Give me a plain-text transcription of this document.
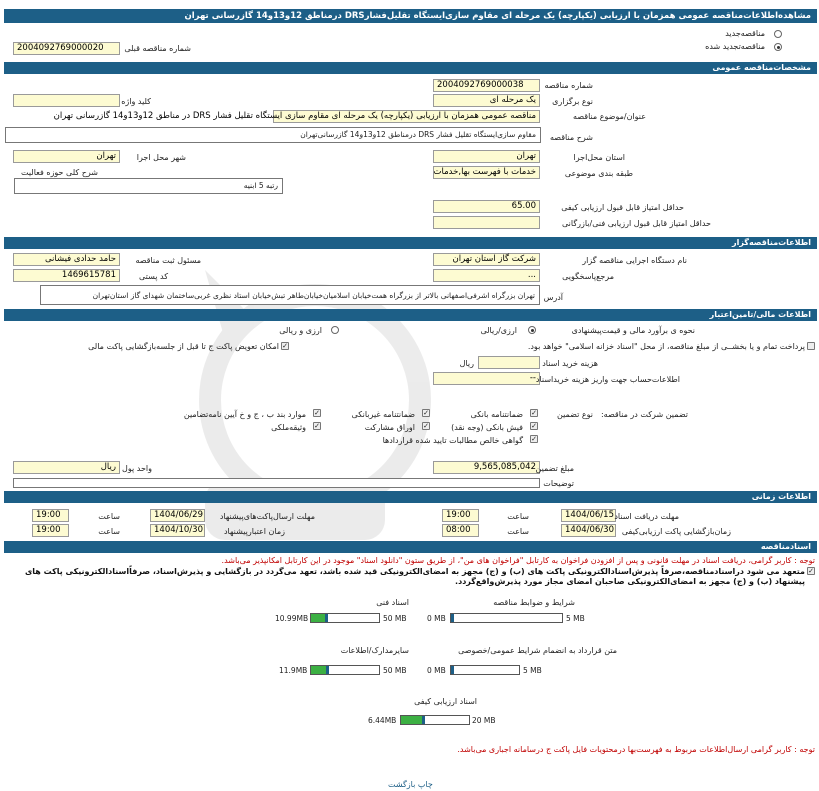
مشاهده‌اطلاعات‌مناقصه عمومی همزمان با ارزیابی (یکپارچه) یک مرحله ای مقاوم سازی‌ایستگاه تقلیل‌فشارDRS درمناطق 12و13و14 گازرسانی تهران
مناقصه‌جدید
مناقصه‌تجدید شده
2004092769000020	شماره مناقصه قبلی
مشخصات‌مناقصه عمومی
2004092769000038	شماره مناقصه
یک مرحله ای	نوع برگزاری
کلید واژه
مناقصه عمومی همزمان با ارزیابی (یکپارچه) یک مرحله ای مقاوم سازی ایستگاه تقلیل فشار DRS در مناطق 12و13و14 گازرسانی تهران	عنوان/موضوع مناقصه
مقاوم سازی‌ایستگاه تقلیل فشار DRS درمناطق 12و13و14 گازرسانی‌تهران	شرح مناقصه
تهران	استان محل‌اجرا
تهران	شهر محل اجرا
خدمات با فهرست بها,خدمات	طبقه بندی موضوعی
شرح کلی حوزه فعالیت
رتبه 5 ابنیه
65.00	حداقل امتیاز قابل قبول ارزیابی کیفی
حداقل امتیاز قابل قبول ارزیابی فنی/بازرگانی
اطلاعات‌مناقصه‌گزار
شرکت گاز استان تهران	نام دستگاه اجرایی مناقصه گزار
حامد حدادی فیشانی	مسئول ثبت مناقصه
...	مرجع‌پاسخگویی
1469615781	کد پستی
تهران بزرگراه اشرفی‌اصفهانی بالاتر از بزرگراه همت‌خیابان اسلامیان‌خیابان‌طاهر تبش‌خیابان استاد نظری غربی‌ساختمان شهدای گاز استان‌تهران	آدرس
اطلاعات مالی/تامین‌اعتبار
نحوه ی برآورد مالی و قیمت‌پیشنهادی
ارزی/ریالی
ارزی و ریالی
پرداخت تمام و یا بخشــی از مبلغ مناقصه، از محل "اسناد خزانه اسلامی" خواهد بود.
✓
امکان تعویض پاکت ج تا قبل از جلسه‌بازگشایی پاکت مالی
ریال	هزینه خرید اسناد
-- اطلاعات‌حساب جهت واریز هزینه خریداسناد
تضمین شرکت در مناقصه:
نوع تضمین
✓
ضمانتنامه بانکی
✓
ضمانتنامه غیربانکی
✓
موارد بند ب ، ج و خ آیین نامه‌تضامین
✓
فیش بانکی (وجه نقد)
✓
اوراق مشارکت
✓
وثیقه‌ملکی
✓
گواهی خالص مطالبات تایید شده قراردادها
9,565,085,042 مبلغ تضمین
ریال واحد پول
توضیحات
اطلاعات زمانی
1404/06/15 مهلت دریافت اسناد
19:00	ساعت
1404/06/29 مهلت ارسال‌پاکت‌های‌پیشنهاد
19:00	ساعت
1404/06/30 زمان‌بازگشایی پاکت ارزیابی‌کیفی
08:00	ساعت
1404/10/30	زمان اعتبار‌پیشنهاد
19:00	ساعت
اسنادمناقصه
توجه : کاربر گرامی، دریافت اسناد در مهلت قانونی و پس از افزودن فراخوان به کارتابل "فراخوان های من"، از طریق ستون "دانلود اسناد" موجود در این کارتابل امکانپذیر می‌باشد.
✓
متعهد می شود دراسنادمناقصه،صرفاً پذیرش‌اسنادالکترونیکی پاکت های (ب) و (ج) مجهز به امضای‌الکترونیکی قید شده باشد، تعهد می‌گردد در بازگشایی و پذیرش‌اسناد، صرفاً‌اسنادالکترونیکی پاکت های پیشنهاد (ب) و (ج) مجهز به امضای‌الکترونیکی صاحبان امضای مجاز مورد پذیرش‌واقع‌گردد.
شرایط و ضوابط مناقصه
0 MB	5 MB
اسناد فنی
10.99MB	50 MB
متن قرارداد به انضمام شرایط عمومی/خصوصی
0 MB	5 MB
سایرمدارک/اطلاعات
11.9MB	50 MB
اسناد ارزیابی کیفی
6.44MB	20 MB
توجه : کاربر گرامی ارسال‌اطلاعات مربوط به فهرست‌بها درمحتویات فایل پاکت ج درسامانه اجباری می‌باشد.
چاپ بازگشت
